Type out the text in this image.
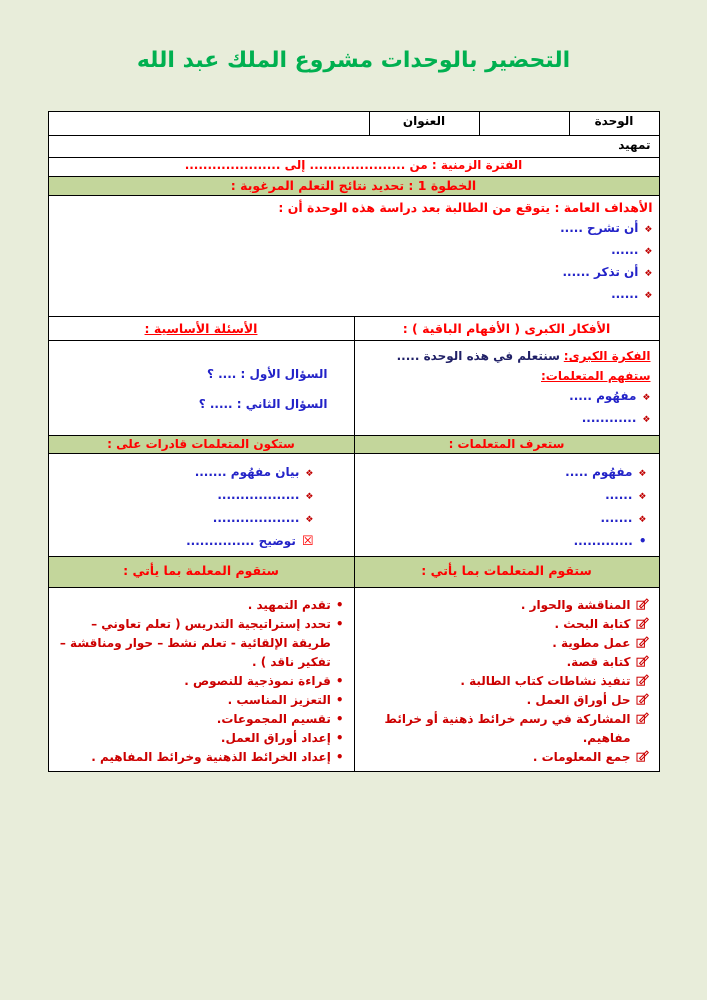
التحضير بالوحدات مشروع الملك عبد الله
الوحدة
العنوان
تمهيد
الفترة الزمنية : من ..................... إلى .....................
الخطوة 1 : تحديد نتائج التعلم المرغوبة :
الأهداف العامة : يتوقع من الطالبة بعد دراسة هذه الوحدة أن :
❖
أن تشرح .....
❖
......
❖
أن تذكر ......
❖
......
الأفكار الكبرى ( الأفهام الباقية ) :
الأسئلة الأساسية :
الفكرة الكبرى: سنتعلم في هذه الوحدة .....
ستفهم المتعلمات:
❖
مفهُوم .....
❖
............
السؤال الأول : .... ؟
السؤال الثاني : ..... ؟
ستعرف المتعلمات :
ستكون المتعلمات قادرات على :
❖
مفهُوم .....
❖
......
❖
.......
•
.............
❖
بيان مفهُوم .......
❖
..................
❖
...................
☒
توضيح ...............
ستقوم المتعلمات بما يأتي :
ستقوم المعلمة بما يأتي :
المناقشة والحوار .
كتابة البحث .
عمل مطوية .
كتابة قصة.
تنفيذ نشاطات كتاب الطالبة .
حل أوراق العمل .
المشاركة في رسم خرائط ذهنية أو خرائط مفاهيم.
جمع المعلومات .
•
تقدم التمهيد .
•
تحدد إستراتيجية التدريس ( تعلم تعاوني – طريقة الإلقائية - تعلم نشط – حوار ومناقشة – تفكير ناقد ) .
•
قراءة نموذجية للنصوص .
•
التعزيز المناسب .
•
تقسيم المجموعات.
•
إعداد أوراق العمل.
•
إعداد الخرائط الذهنية وخرائط المفاهيم .
